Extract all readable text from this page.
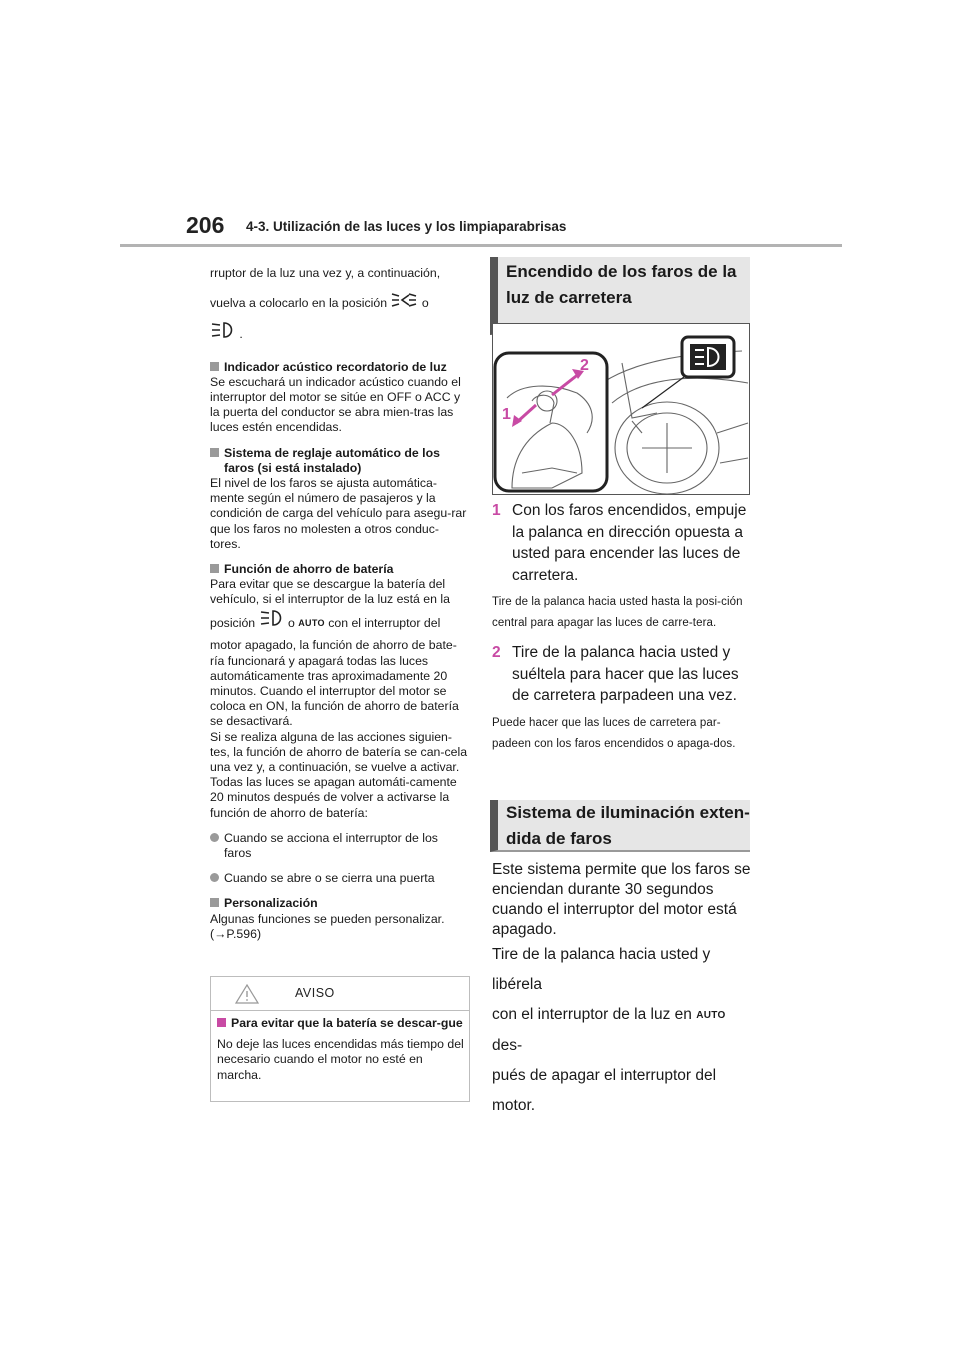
206 4-3. Utilización de las luces y los limpiaparabrisas

rruptor de la luz una vez y, a continuación,

vuelva a colocarlo en la posición	o

.

Indicador acústico recordatorio de luz

Se escuchará un indicador acústico cuando el interruptor del motor se sitúe en OFF o ACC y la puerta del conductor se abra mien-tras las luces estén encendidas.

Sistema de reglaje automático de los faros (si está instalado)

El nivel de los faros se ajusta automática-mente según el número de pasajeros y la condición de carga del vehículo para asegu-rar que los faros no molesten a otros conduc-tores.

Función de ahorro de batería

Para evitar que se descargue la batería del vehículo, si el interruptor de la luz está en la

posición	o AUTO con el interruptor del

motor apagado, la función de ahorro de bate-ría funcionará y apagará todas las luces automáticamente tras aproximadamente 20 minutos. Cuando el interruptor del motor se coloca en ON, la función de ahorro de batería se desactivará.

Si se realiza alguna de las acciones siguien-tes, la función de ahorro de batería se can-cela una vez y, a continuación, se vuelve a activar. Todas las luces se apagan automáti-camente 20 minutos después de volver a activarse la función de ahorro de batería:

Cuando se acciona el interruptor de los faros

Cuando se abre o se cierra una puerta

Personalización

Algunas funciones se pueden personalizar. (→P.596)

AVISO

Para evitar que la batería se descar-gue

No deje las luces encendidas más tiempo del necesario cuando el motor no esté en marcha.

Encendido de los faros de la luz de carretera
2
1
1 Con los faros encendidos, empuje la palanca en dirección opuesta a usted para encender las luces de carretera.
Tire de la palanca hacia usted hasta la posi-ción central para apagar las luces de carre-tera.
2 Tire de la palanca hacia usted y suéltela para hacer que las luces de carretera parpadeen una vez.
Puede hacer que las luces de carretera par-padeen con los faros encendidos o apaga-dos.
Sistema de iluminación exten-dida de faros

Este sistema permite que los faros se enciendan durante 30 segundos cuando el interruptor del motor está apagado.

Tire de la palanca hacia usted y libérela

con el interruptor de la luz en AUTO des-

pués de apagar el interruptor del motor.
